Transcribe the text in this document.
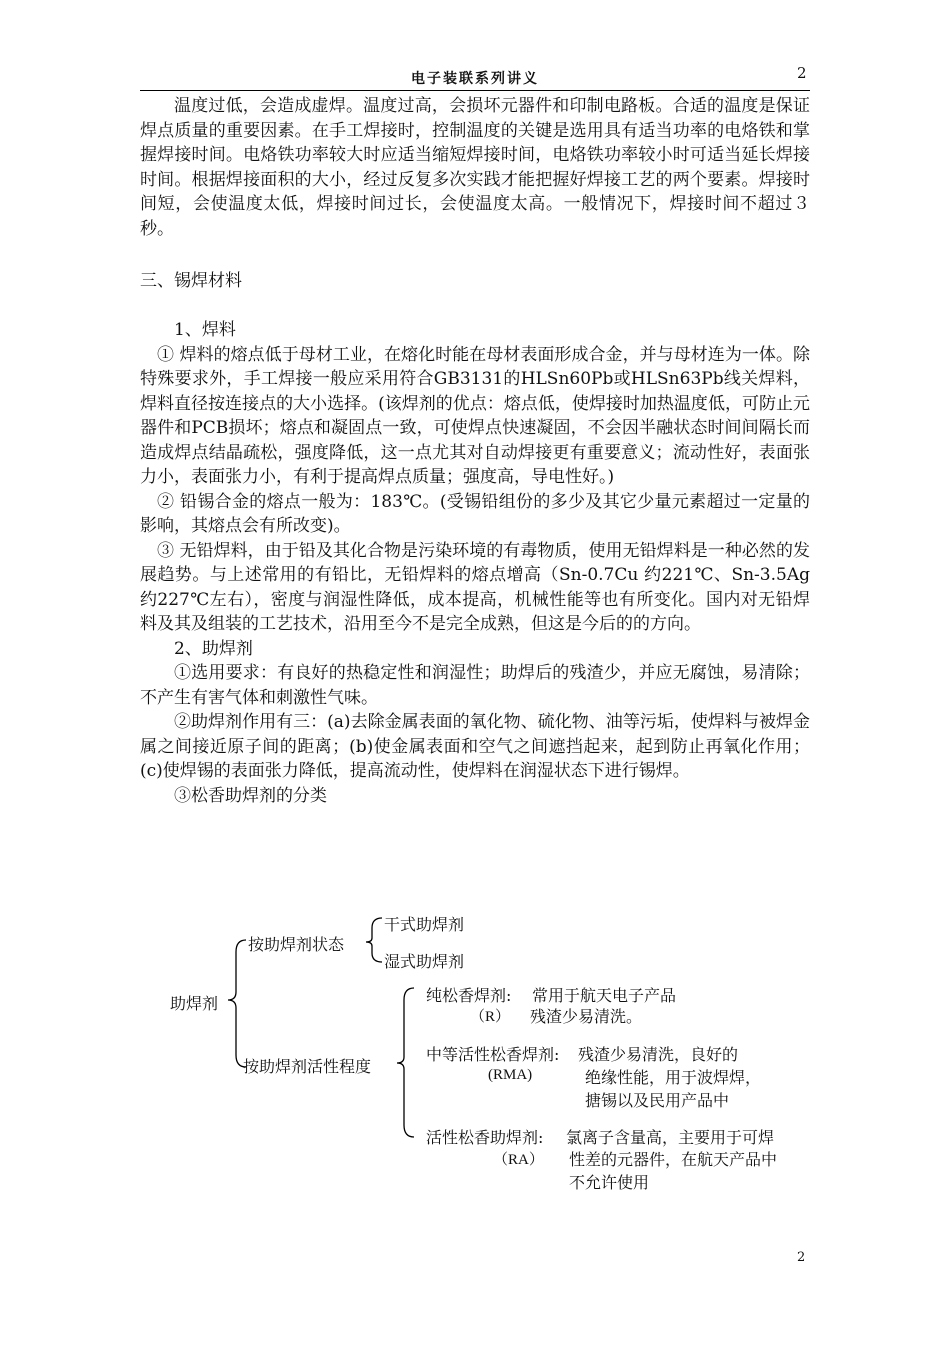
电子装联系列讲义	2

温度过低，会造成虚焊。温度过高，会损坏元器件和印制电路板。合适的温度是保证焊点质量的重要因素。在手工焊接时，控制温度的关键是选用具有适当功率的电烙铁和掌握焊接时间。电烙铁功率较大时应适当缩短焊接时间，电烙铁功率较小时可适当延长焊接时间。根据焊接面积的大小，经过反复多次实践才能把握好焊接工艺的两个要素。焊接时间短，会使温度太低，焊接时间过长，会使温度太高。一般情况下，焊接时间不超过３秒。

三、锡焊材料

1、焊料

① 焊料的熔点低于母材工业，在熔化时能在母材表面形成合金，并与母材连为一体。除特殊要求外，手工焊接一般应采用符合GB3131的HLSn60Pb或HLSn63Pb线关焊料，焊料直径按连接点的大小选择。(该焊剂的优点：熔点低，使焊接时加热温度低，可防止元器件和PCB损坏；熔点和凝固点一致，可使焊点快速凝固，不会因半融状态时间间隔长而造成焊点结晶疏松，强度降低，这一点尤其对自动焊接更有重要意义；流动性好，表面张力小，表面张力小，有利于提高焊点质量；强度高，导电性好。)

② 铅锡合金的熔点一般为：183℃。(受锡铅组份的多少及其它少量元素超过一定量的影响，其熔点会有所改变)。

③ 无铅焊料，由于铅及其化合物是污染环境的有毒物质，使用无铅焊料是一种必然的发展趋势。与上述常用的有铅比，无铅焊料的熔点增高（Sn-0.7Cu 约221℃、Sn-3.5Ag约227℃左右），密度与润湿性降低，成本提高，机械性能等也有所变化。国内对无铅焊料及其及组装的工艺技术，沿用至今不是完全成熟，但这是今后的的方向。

2、助焊剂

①选用要求：有良好的热稳定性和润湿性；助焊后的残渣少，并应无腐蚀，易清除；不产生有害气体和刺激性气味。

②助焊剂作用有三：(a)去除金属表面的氧化物、硫化物、油等污垢，使焊料与被焊金属之间接近原子间的距离；(b)使金属表面和空气之间遮挡起来，起到防止再氧化作用；(c)使焊锡的表面张力降低，提高流动性，使焊料在润湿状态下进行锡焊。

③松香助焊剂的分类

助焊剂
按助焊剂状态
干式助焊剂
湿式助焊剂
按助焊剂活性程度
纯松香焊剂: 常用于航天电子产品
（R） 残渣少易清洗。
中等活性松香焊剂: 残渣少易清洗，良好的
(RMA)	绝缘性能，用于波焊焊，
搪锡以及民用产品中
活性松香助焊剂: 氯离子含量高，主要用于可焊
（RA） 性差的元器件，在航天产品中
不允许使用
2
